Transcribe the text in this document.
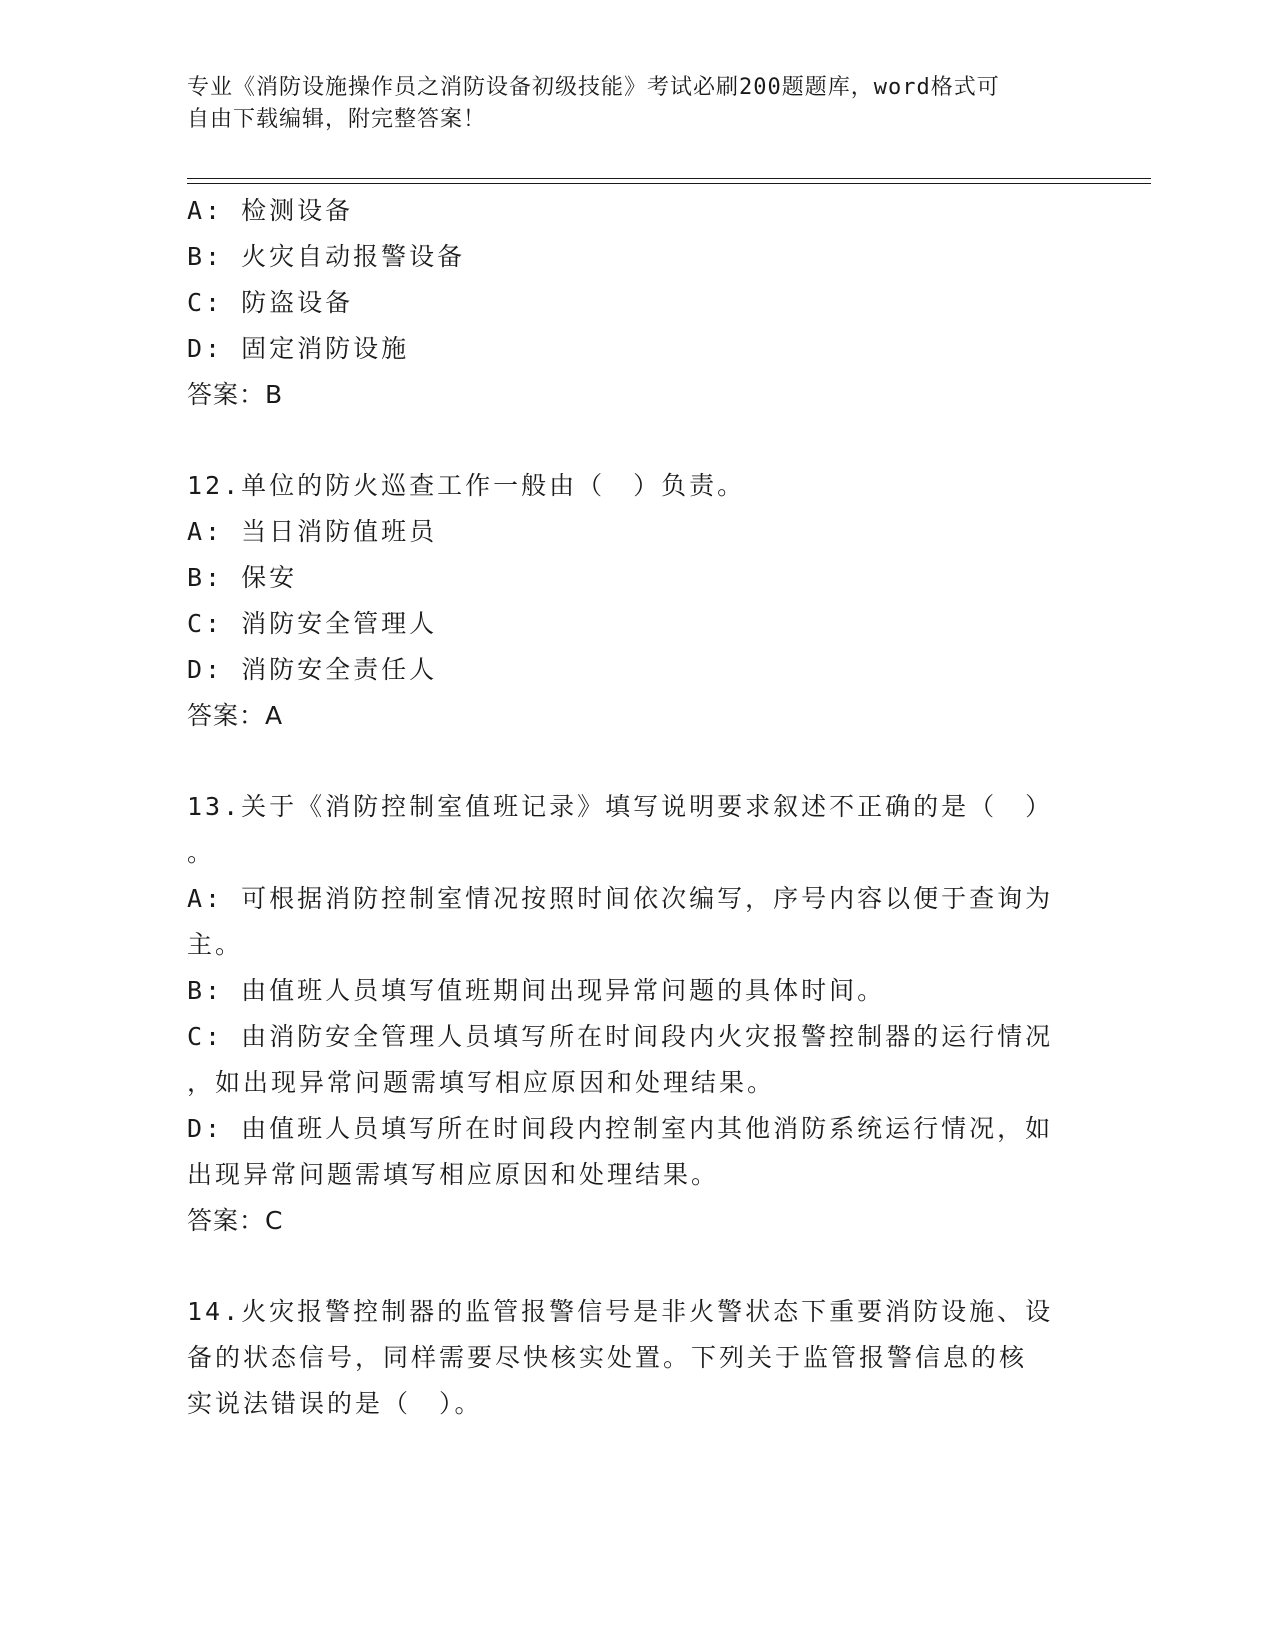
专业《消防设施操作员之消防设备初级技能》考试必刷200题题库，word格式可
自由下载编辑，附完整答案！
A: 检测设备
B: 火灾自动报警设备
C: 防盗设备
D: 固定消防设施
答案：B
12.单位的防火巡查工作一般由（　）负责。
A: 当日消防值班员
B: 保安
C: 消防安全管理人
D: 消防安全责任人
答案：A
13.关于《消防控制室值班记录》填写说明要求叙述不正确的是（　）
。
A: 可根据消防控制室情况按照时间依次编写，序号内容以便于查询为
主。
B: 由值班人员填写值班期间出现异常问题的具体时间。
C: 由消防安全管理人员填写所在时间段内火灾报警控制器的运行情况
，如出现异常问题需填写相应原因和处理结果。
D: 由值班人员填写所在时间段内控制室内其他消防系统运行情况，如
出现异常问题需填写相应原因和处理结果。
答案：C
14.火灾报警控制器的监管报警信号是非火警状态下重要消防设施、设
备的状态信号，同样需要尽快核实处置。下列关于监管报警信息的核
实说法错误的是（　）。
